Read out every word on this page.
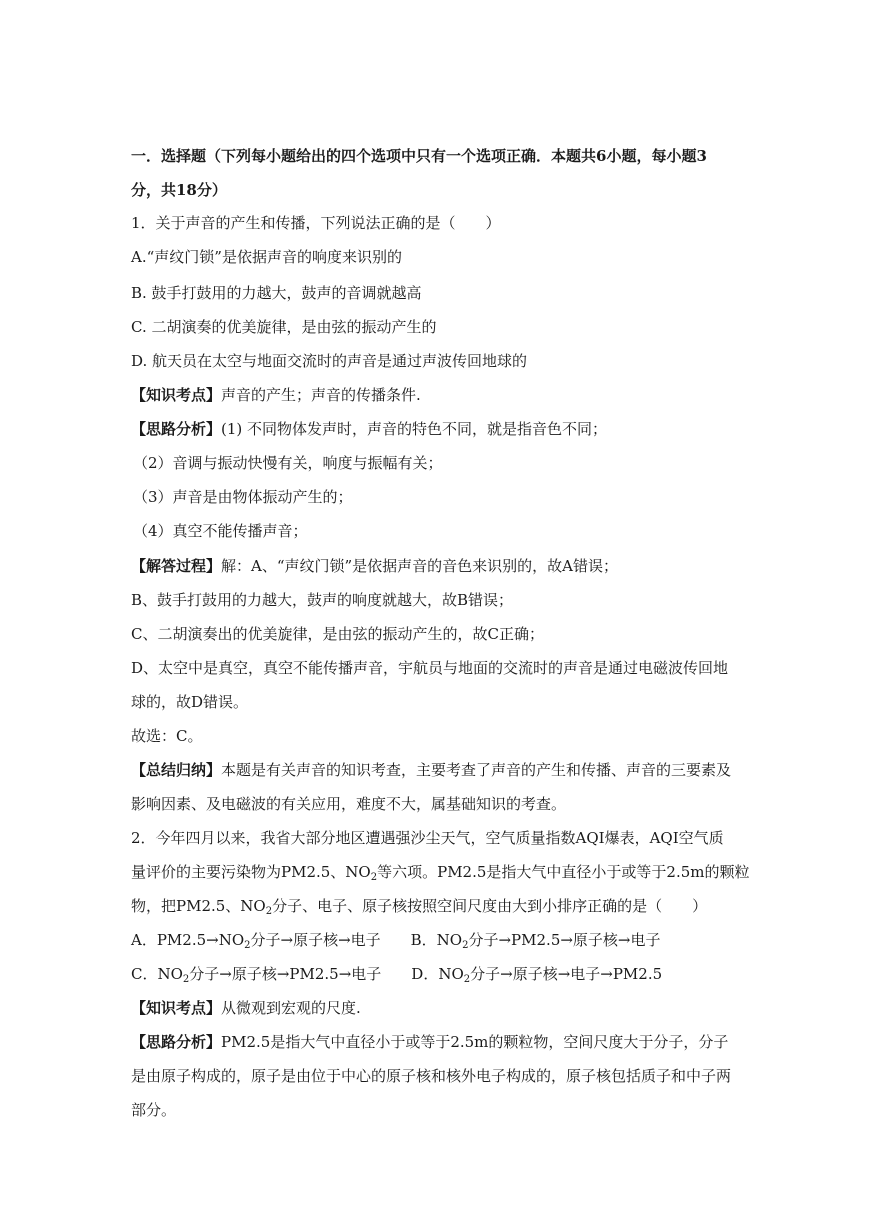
一．选择题（下列每小题给出的四个选项中只有一个选项正确．本题共6小题，每小题3
分，共18分）
1．关于声音的产生和传播，下列说法正确的是（　　）
A.“声纹门锁”是依据声音的响度来识别的
B. 鼓手打鼓用的力越大，鼓声的音调就越高
C. 二胡演奏的优美旋律，是由弦的振动产生的
D. 航天员在太空与地面交流时的声音是通过声波传回地球的
【知识考点】声音的产生；声音的传播条件.
【思路分析】(1) 不同物体发声时，声音的特色不同，就是指音色不同；
（2）音调与振动快慢有关，响度与振幅有关；
（3）声音是由物体振动产生的；
（4）真空不能传播声音；
【解答过程】解：A、“声纹门锁”是依据声音的音色来识别的，故A错误；
B、鼓手打鼓用的力越大，鼓声的响度就越大，故B错误；
C、二胡演奏出的优美旋律，是由弦的振动产生的，故C正确；
D、太空中是真空，真空不能传播声音，宇航员与地面的交流时的声音是通过电磁波传回地
球的，故D错误。
故选：C。
【总结归纳】本题是有关声音的知识考查，主要考查了声音的产生和传播、声音的三要素及
影响因素、及电磁波的有关应用，难度不大，属基础知识的考查。
2．今年四月以来，我省大部分地区遭遇强沙尘天气，空气质量指数AQI爆表，AQI空气质
量评价的主要污染物为PM2.5、$NO_2$等六项。PM2.5是指大气中直径小于或等于2.5m的颗粒
物，把PM2.5、$NO_2$分子、电子、原子核按照空间尺度由大到小排序正确的是（　　）
A．$PM2.5\to NO_2$分子→原子核→电子 B．$NO_2$分子→PM2.5→原子核→电子
C．$NO_2$分子→原子核→PM2.5→电子 D．$NO_2$分子→原子核→电子→PM2.5
【知识考点】从微观到宏观的尺度.
【思路分析】PM2.5是指大气中直径小于或等于2.5m的颗粒物，空间尺度大于分子，分子
是由原子构成的，原子是由位于中心的原子核和核外电子构成的，原子核包括质子和中子两
部分。
